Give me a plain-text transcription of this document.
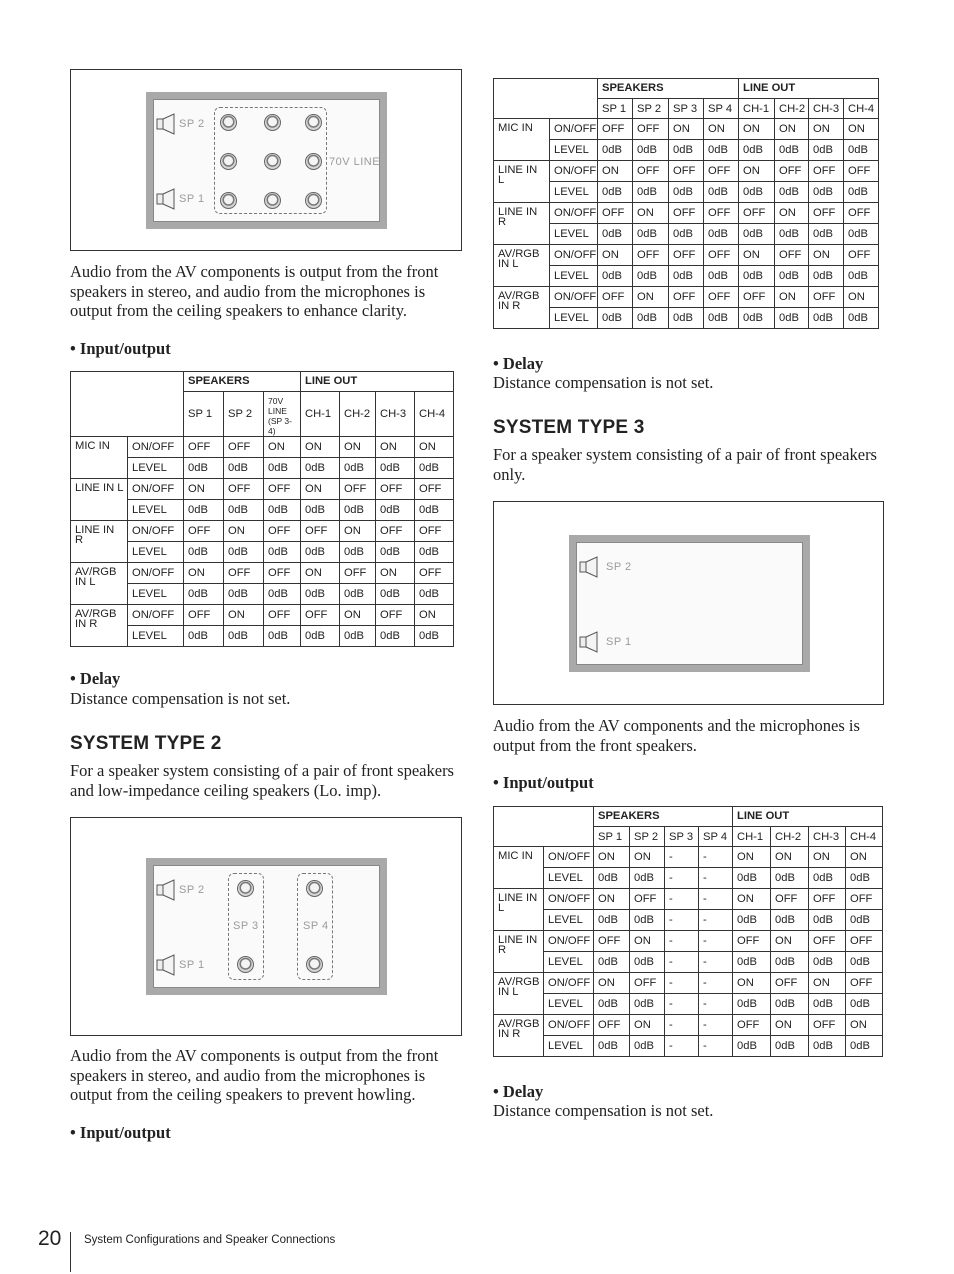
SP 2
SP 1
70V LINE
Audio from the AV components is output from the front speakers in stereo, and audio from the microphones is output from the ceiling speakers to enhance clarity.
• Input/output
		SPEAKERS			LINE OUT			
		SP 1	SP 2	70V LINE (SP 3-4)	CH-1	CH-2	CH-3	CH-4
MIC IN	ON/OFF	OFF	OFF	ON	ON	ON	ON	ON
	LEVEL	0dB	0dB	0dB	0dB	0dB	0dB	0dB
LINE IN L	ON/OFF	ON	OFF	OFF	ON	OFF	OFF	OFF
	LEVEL	0dB	0dB	0dB	0dB	0dB	0dB	0dB
LINE IN R	ON/OFF	OFF	ON	OFF	OFF	ON	OFF	OFF
	LEVEL	0dB	0dB	0dB	0dB	0dB	0dB	0dB
AV/RGB IN L	ON/OFF	ON	OFF	OFF	ON	OFF	ON	OFF
	LEVEL	0dB	0dB	0dB	0dB	0dB	0dB	0dB
AV/RGB IN R	ON/OFF	OFF	ON	OFF	OFF	ON	OFF	ON
	LEVEL	0dB	0dB	0dB	0dB	0dB	0dB	0dB
• Delay
Distance compensation is not set.
SYSTEM TYPE 2
For a speaker system consisting of a pair of front speakers and low-impedance ceiling speakers (Lo. imp).
SP 2
SP 1
SP 3	SP 4
Audio from the AV components is output from the front speakers in stereo, and audio from the microphones is output from the ceiling speakers to prevent howling.
• Input/output
		SPEAKERS				LINE OUT			
		SP 1	SP 2	SP 3	SP 4	CH-1	CH-2	CH-3	CH-4
MIC IN	ON/OFF	OFF	OFF	ON	ON	ON	ON	ON	ON
	LEVEL	0dB	0dB	0dB	0dB	0dB	0dB	0dB	0dB
LINE IN L	ON/OFF	ON	OFF	OFF	OFF	ON	OFF	OFF	OFF
	LEVEL	0dB	0dB	0dB	0dB	0dB	0dB	0dB	0dB
LINE IN R	ON/OFF	OFF	ON	OFF	OFF	OFF	ON	OFF	OFF
	LEVEL	0dB	0dB	0dB	0dB	0dB	0dB	0dB	0dB
AV/RGB IN L	ON/OFF	ON	OFF	OFF	OFF	ON	OFF	ON	OFF
	LEVEL	0dB	0dB	0dB	0dB	0dB	0dB	0dB	0dB
AV/RGB IN R	ON/OFF	OFF	ON	OFF	OFF	OFF	ON	OFF	ON
	LEVEL	0dB	0dB	0dB	0dB	0dB	0dB	0dB	0dB
• Delay
Distance compensation is not set.
SYSTEM TYPE 3
For a speaker system consisting of a pair of front speakers only.
SP 2
SP 1
Audio from the AV components and the microphones is output from the front speakers.
• Input/output
		SPEAKERS				LINE OUT			
		SP 1	SP 2	SP 3	SP 4	CH-1	CH-2	CH-3	CH-4
MIC IN	ON/OFF	ON	ON	-	-	ON	ON	ON	ON
	LEVEL	0dB	0dB	-	-	0dB	0dB	0dB	0dB
LINE IN L	ON/OFF	ON	OFF	-	-	ON	OFF	OFF	OFF
	LEVEL	0dB	0dB	-	-	0dB	0dB	0dB	0dB
LINE IN R	ON/OFF	OFF	ON	-	-	OFF	ON	OFF	OFF
	LEVEL	0dB	0dB	-	-	0dB	0dB	0dB	0dB
AV/RGB IN L	ON/OFF	ON	OFF	-	-	ON	OFF	ON	OFF
	LEVEL	0dB	0dB	-	-	0dB	0dB	0dB	0dB
AV/RGB IN R	ON/OFF	OFF	ON	-	-	OFF	ON	OFF	ON
	LEVEL	0dB	0dB	-	-	0dB	0dB	0dB	0dB
• Delay
Distance compensation is not set.
20 System Configurations and Speaker Connections
